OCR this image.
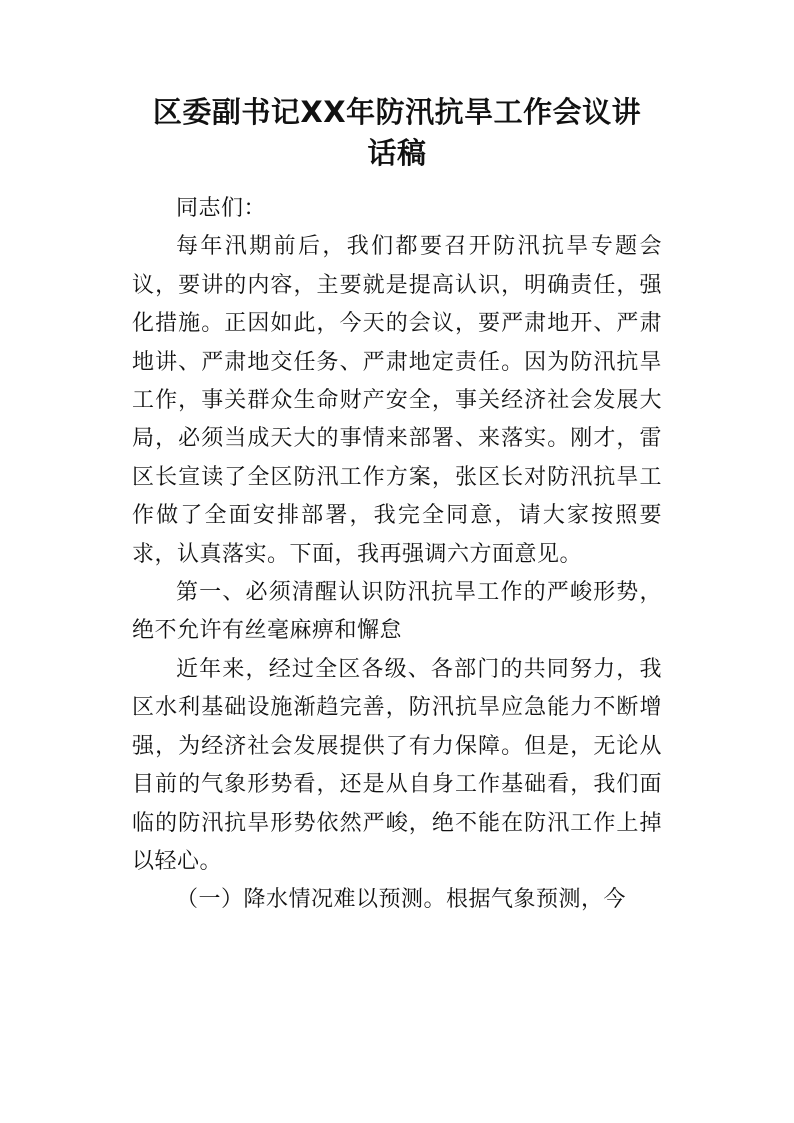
区委副书记XX年防汛抗旱工作会议讲
话稿

同志们：

每年汛期前后，我们都要召开防汛抗旱专题会议，要讲的内容，主要就是提高认识，明确责任，强化措施。正因如此，今天的会议，要严肃地开、严肃地讲、严肃地交任务、严肃地定责任。因为防汛抗旱工作，事关群众生命财产安全，事关经济社会发展大局，必须当成天大的事情来部署、来落实。刚才，雷区长宣读了全区防汛工作方案，张区长对防汛抗旱工作做了全面安排部署，我完全同意，请大家按照要求，认真落实。下面，我再强调六方面意见。

第一、必须清醒认识防汛抗旱工作的严峻形势，绝不允许有丝毫麻痹和懈怠

近年来，经过全区各级、各部门的共同努力，我区水利基础设施渐趋完善，防汛抗旱应急能力不断增强，为经济社会发展提供了有力保障。但是，无论从目前的气象形势看，还是从自身工作基础看，我们面临的防汛抗旱形势依然严峻，绝不能在防汛工作上掉以轻心。

（一）降水情况难以预测。根据气象预测，今
